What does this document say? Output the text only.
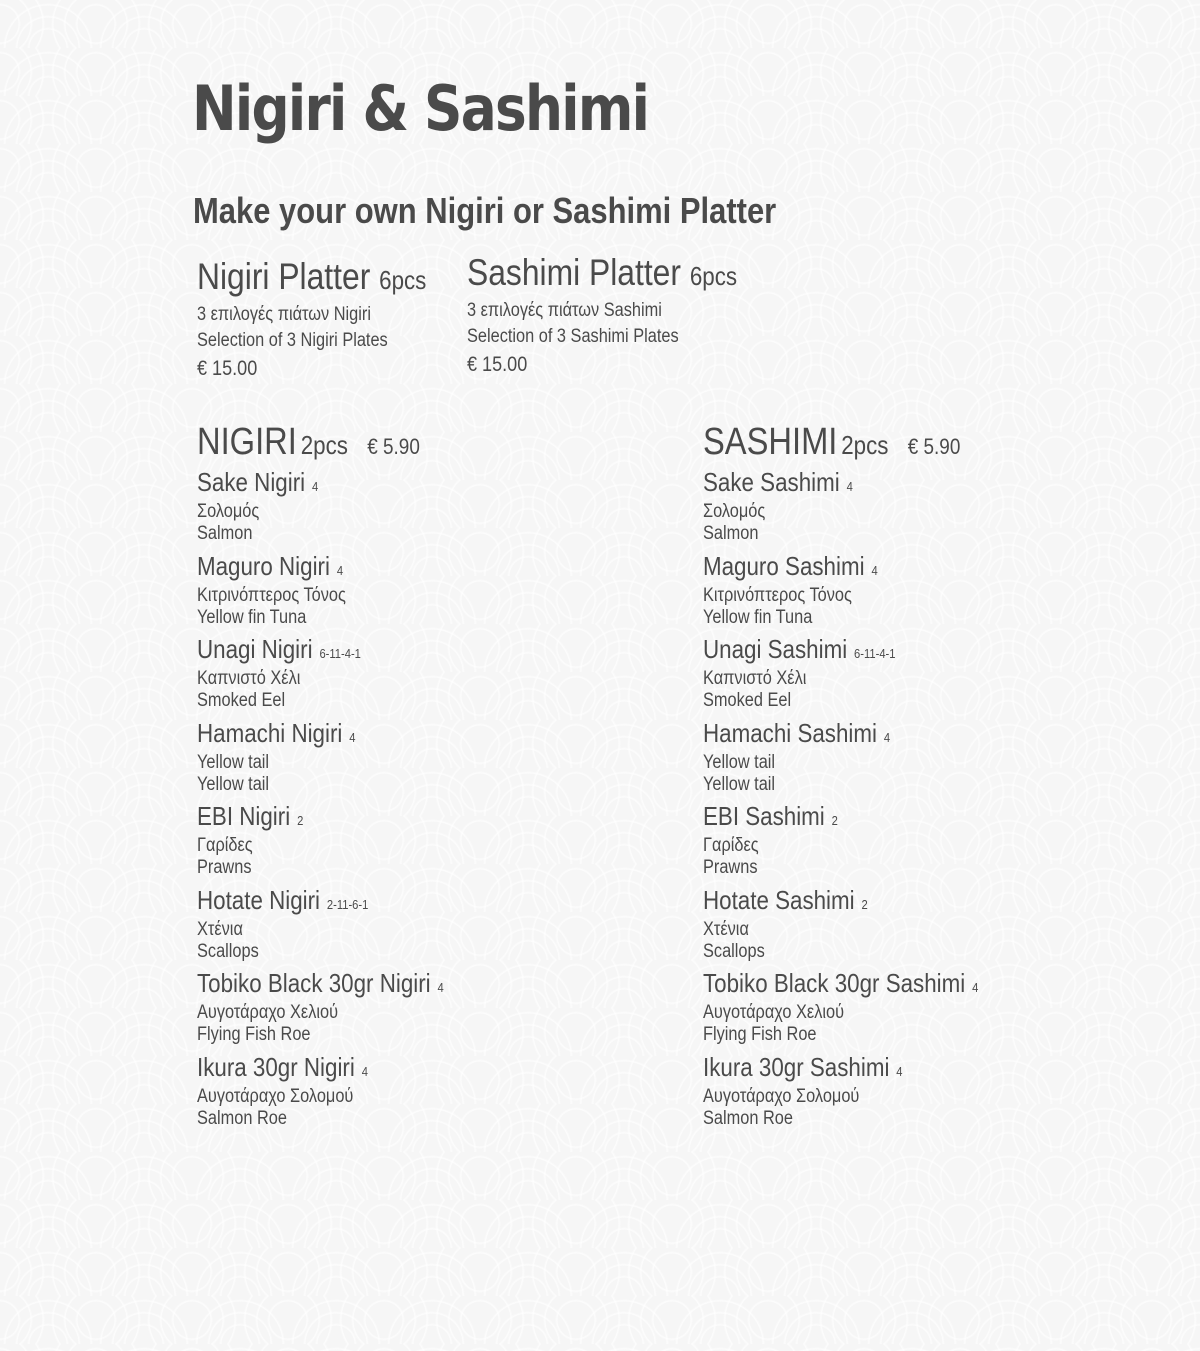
Nigiri & Sashimi
Make your own Nigiri or Sashimi Platter
Nigiri Platter 6pcs
3 επιλογές πιάτων Nigiri
Selection of 3 Nigiri Plates
€ 15.00
Sashimi Platter 6pcs
3 επιλογές πιάτων Sashimi
Selection of 3 Sashimi Plates
€ 15.00
NIGIRI 2pcs € 5.90
Sake Nigiri 4
Σολομός
Salmon
Maguro Nigiri 4
Κιτρινόπτερος Τόνος
Yellow fin Tuna
Unagi Nigiri 6-11-4-1
Καπνιστό Χέλι
Smoked Eel
Hamachi Nigiri 4
Yellow tail
Yellow tail
EBI Nigiri 2
Γαρίδες
Prawns
Hotate Nigiri 2-11-6-1
Χτένια
Scallops
Tobiko Black 30gr Nigiri 4
Αυγοτάραχο Χελιού
Flying Fish Roe
Ikura 30gr Nigiri 4
Αυγοτάραχο Σολομού
Salmon Roe
SASHIMI 2pcs € 5.90
Sake Sashimi 4
Σολομός
Salmon
Maguro Sashimi 4
Κιτρινόπτερος Τόνος
Yellow fin Tuna
Unagi Sashimi 6-11-4-1
Καπνιστό Χέλι
Smoked Eel
Hamachi Sashimi 4
Yellow tail
Yellow tail
EBI Sashimi 2
Γαρίδες
Prawns
Hotate Sashimi 2
Χτένια
Scallops
Tobiko Black 30gr Sashimi 4
Αυγοτάραχο Χελιού
Flying Fish Roe
Ikura 30gr Sashimi 4
Αυγοτάραχο Σολομού
Salmon Roe
